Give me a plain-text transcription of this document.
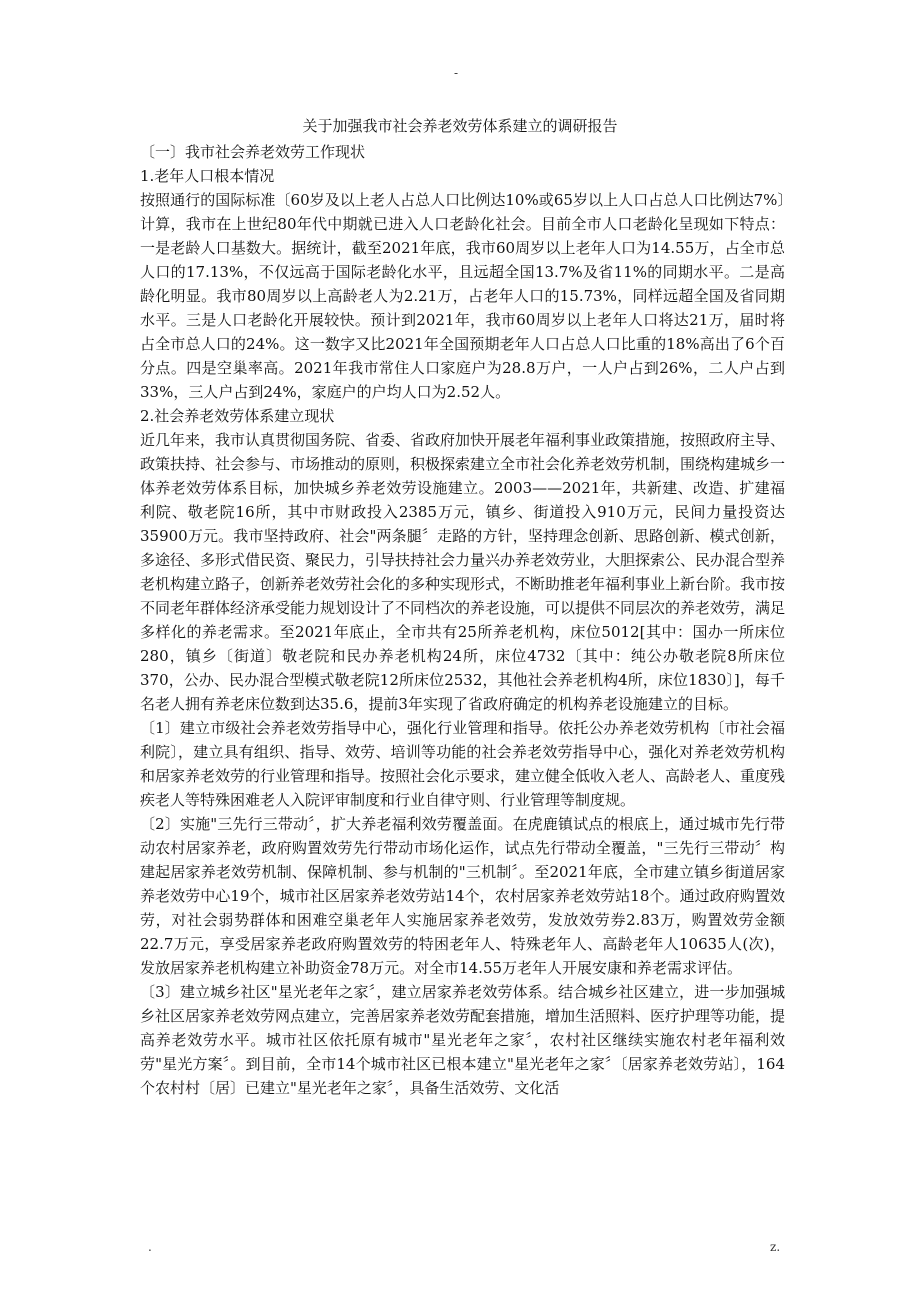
-
关于加强我市社会养老效劳体系建立的调研报告

〔一〕我市社会养老效劳工作现状

1.老年人口根本情况

按照通行的国际标准〔60岁及以上老人占总人口比例达10%或65岁以上人口占总人口比例达7%〕计算，我市在上世纪80年代中期就已进入人口老龄化社会。目前全市人口老龄化呈现如下特点：一是老龄人口基数大。据统计，截至2021年底，我市60周岁以上老年人口为14.55万，占全市总人口的17.13%，不仅远高于国际老龄化水平，且远超全国13.7%及省11%的同期水平。二是高龄化明显。我市80周岁以上高龄老人为2.21万，占老年人口的15.73%，同样远超全国及省同期水平。三是人口老龄化开展较快。预计到2021年，我市60周岁以上老年人口将达21万，届时将占全市总人口的24%。这一数字又比2021年全国预期老年人口占总人口比重的18%高出了6个百分点。四是空巢率高。2021年我市常住人口家庭户为28.8万户，一人户占到26%，二人户占到33%，三人户占到24%，家庭户的户均人口为2.52人。

2.社会养老效劳体系建立现状

近几年来，我市认真贯彻国务院、省委、省政府加快开展老年福利事业政策措施，按照政府主导、政策扶持、社会参与、市场推动的原则，积极探索建立全市社会化养老效劳机制，围绕构建城乡一体养老效劳体系目标，加快城乡养老效劳设施建立。2003——2021年，共新建、改造、扩建福利院、敬老院16所，其中市财政投入2385万元，镇乡、街道投入910万元，民间力量投资达35900万元。我市坚持政府、社会"两条腿〞走路的方针，坚持理念创新、思路创新、模式创新，多途径、多形式借民资、聚民力，引导扶持社会力量兴办养老效劳业，大胆探索公、民办混合型养老机构建立路子，创新养老效劳社会化的多种实现形式，不断助推老年福利事业上新台阶。我市按不同老年群体经济承受能力规划设计了不同档次的养老设施，可以提供不同层次的养老效劳，满足多样化的养老需求。至2021年底止，全市共有25所养老机构，床位5012[其中：国办一所床位280，镇乡〔街道〕敬老院和民办养老机构24所，床位4732〔其中：纯公办敬老院8所床位370，公办、民办混合型模式敬老院12所床位2532，其他社会养老机构4所，床位1830〕]，每千名老人拥有养老床位数到达35.6，提前3年实现了省政府确定的机构养老设施建立的目标。

〔1〕建立市级社会养老效劳指导中心，强化行业管理和指导。依托公办养老效劳机构〔市社会福利院〕，建立具有组织、指导、效劳、培训等功能的社会养老效劳指导中心，强化对养老效劳机构和居家养老效劳的行业管理和指导。按照社会化示要求，建立健全低收入老人、高龄老人、重度残疾老人等特殊困难老人入院评审制度和行业自律守则、行业管理等制度规。

〔2〕实施"三先行三带动〞，扩大养老福利效劳覆盖面。在虎鹿镇试点的根底上，通过城市先行带动农村居家养老，政府购置效劳先行带动市场化运作，试点先行带动全覆盖，"三先行三带动〞构建起居家养老效劳机制、保障机制、参与机制的"三机制〞。至2021年底，全市建立镇乡街道居家养老效劳中心19个，城市社区居家养老效劳站14个，农村居家养老效劳站18个。通过政府购置效劳，对社会弱势群体和困难空巢老年人实施居家养老效劳，发放效劳券2.83万，购置效劳金额22.7万元，享受居家养老政府购置效劳的特困老年人、特殊老年人、高龄老年人10635人(次)，发放居家养老机构建立补助资金78万元。对全市14.55万老年人开展安康和养老需求评估。

〔3〕建立城乡社区"星光老年之家〞，建立居家养老效劳体系。结合城乡社区建立，进一步加强城乡社区居家养老效劳网点建立，完善居家养老效劳配套措施，增加生活照料、医疗护理等功能，提高养老效劳水平。城市社区依托原有城市"星光老年之家〞，农村社区继续实施农村老年福利效劳"星光方案〞。到目前，全市14个城市社区已根本建立"星光老年之家〞〔居家养老效劳站〕，164个农村村〔居〕已建立"星光老年之家〞，具备生活效劳、文化活

.	z.
